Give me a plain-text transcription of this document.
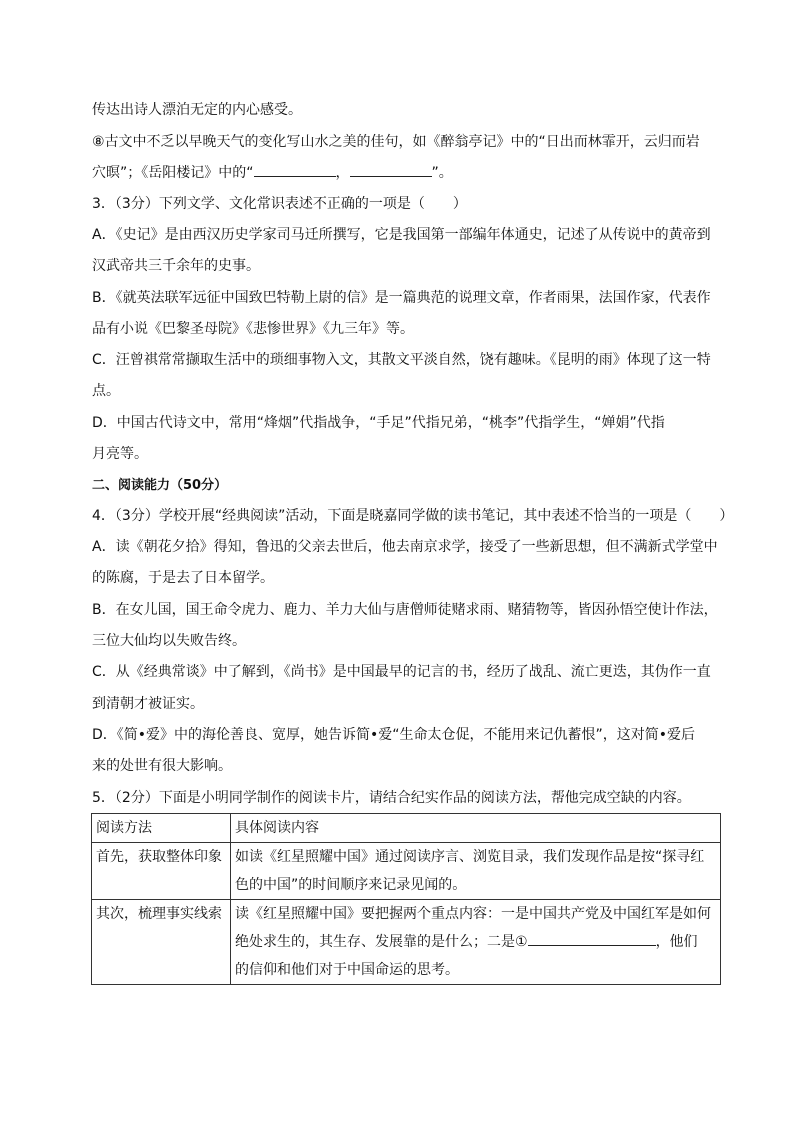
传达出诗人漂泊无定的内心感受。
⑧古文中不乏以早晚天气的变化写山水之美的佳句，如《醉翁亭记》中的“日出而林霏开，云归而岩
穴暝”；《岳阳楼记》中的“	，	”。
3．（3分）下列文学、文化常识表述不正确的一项是（　　）
A．《史记》是由西汉历史学家司马迁所撰写，它是我国第一部编年体通史，记述了从传说中的黄帝到
汉武帝共三千余年的史事。
B．《就英法联军远征中国致巴特勒上尉的信》是一篇典范的说理文章，作者雨果，法国作家，代表作
品有小说《巴黎圣母院》《悲惨世界》《九三年》等。
C．汪曾祺常常撷取生活中的琐细事物入文，其散文平淡自然，饶有趣味。《昆明的雨》体现了这一特
点。
D．中国古代诗文中，常用“烽烟”代指战争，“手足”代指兄弟，“桃李”代指学生，“婵娟”代指
月亮等。
二、阅读能力（50分）
4．（3分）学校开展“经典阅读”活动，下面是晓嘉同学做的读书笔记，其中表述不恰当的一项是（　　）
A．读《朝花夕拾》得知，鲁迅的父亲去世后，他去南京求学，接受了一些新思想，但不满新式学堂中
的陈腐，于是去了日本留学。
B．在女儿国，国王命令虎力、鹿力、羊力大仙与唐僧师徒赌求雨、赌猜物等，皆因孙悟空使计作法，
三位大仙均以失败告终。
C．从《经典常谈》中了解到，《尚书》是中国最早的记言的书，经历了战乱、流亡更迭，其伪作一直
到清朝才被证实。
D．《简•爱》中的海伦善良、宽厚，她告诉简•爱“生命太仓促，不能用来记仇蓄恨”，这对简•爱后
来的处世有很大影响。
5．（2分）下面是小明同学制作的阅读卡片，请结合纪实作品的阅读方法，帮他完成空缺的内容。
阅读方法	具体阅读内容
首先，获取整体印象	如读《红星照耀中国》通过阅读序言、浏览目录，我们发现作品是按“探寻红
色的中国”的时间顺序来记录见闻的。

其次，梳理事实线索	读《红星照耀中国》要把握两个重点内容：一是中国共产党及中国红军是如何
绝处求生的，其生存、发展靠的是什么；二是① ，他们
的信仰和他们对于中国命运的思考。
